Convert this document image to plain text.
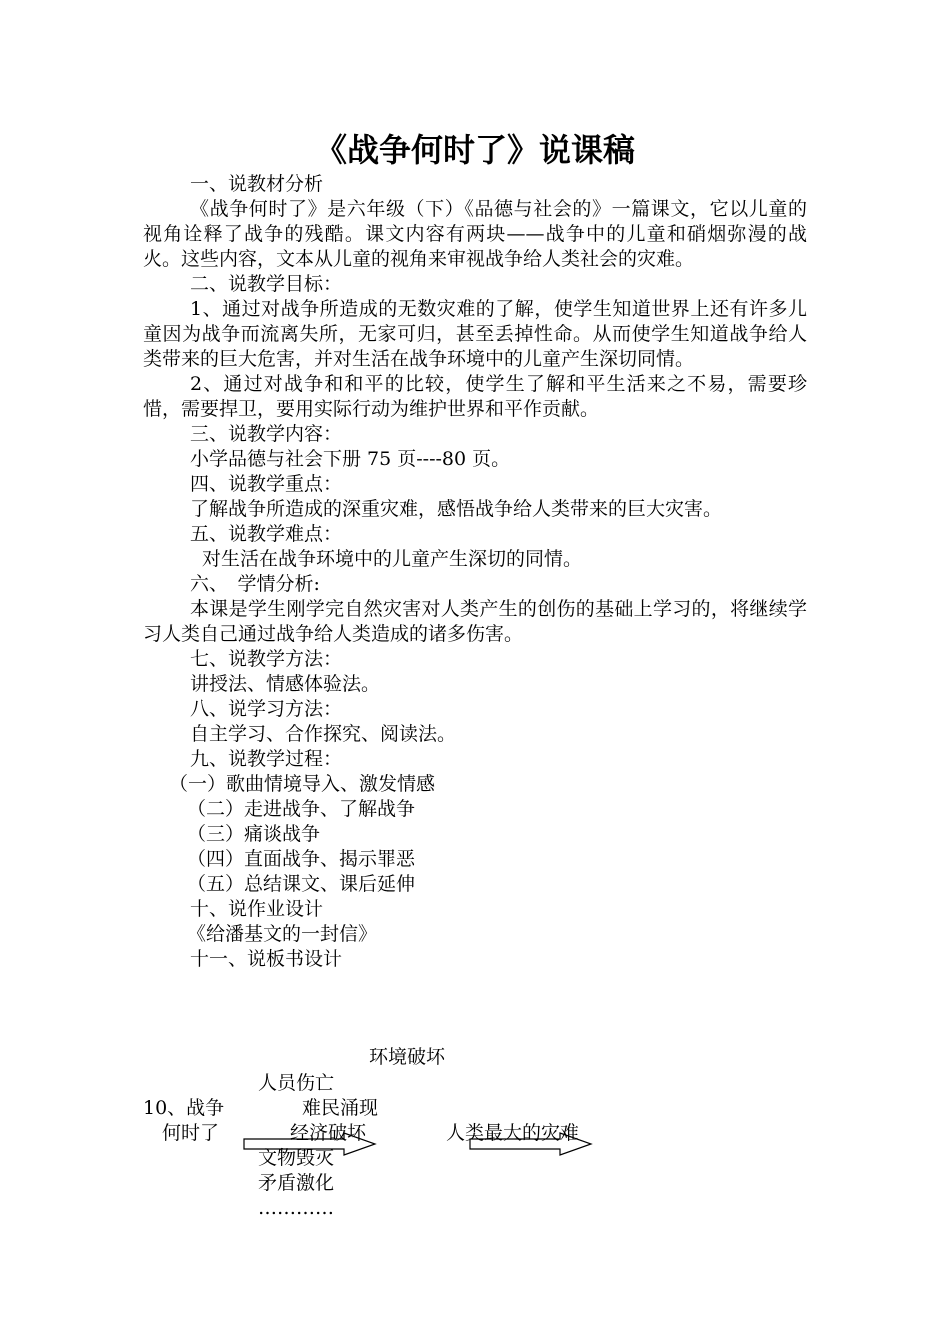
《战争何时了》说课稿

一、说教材分析

《战争何时了》是六年级（下）《品德与社会的》一篇课文，它以儿童的视角诠释了战争的残酷。课文内容有两块——战争中的儿童和硝烟弥漫的战火。这些内容，文本从儿童的视角来审视战争给人类社会的灾难。

二、说教学目标：

1、通过对战争所造成的无数灾难的了解，使学生知道世界上还有许多儿童因为战争而流离失所，无家可归，甚至丢掉性命。从而使学生知道战争给人类带来的巨大危害，并对生活在战争环境中的儿童产生深切同情。

2、通过对战争和和平的比较，使学生了解和平生活来之不易，需要珍惜，需要捍卫，要用实际行动为维护世界和平作贡献。

三、说教学内容：

小学品德与社会下册 75 页----80 页。

四、说教学重点：

了解战争所造成的深重灾难，感悟战争给人类带来的巨大灾害。

五、说教学难点：

对生活在战争环境中的儿童产生深切的同情。

六、　学情分析:

本课是学生刚学完自然灾害对人类产生的创伤的基础上学习的，将继续学习人类自己通过战争给人类造成的诸多伤害。

七、说教学方法：

讲授法、情感体验法。

八、说学习方法：

自主学习、合作探究、阅读法。

九、说教学过程：

（一）歌曲情境导入、激发情感

（二）走进战争、了解战争

（三）痛谈战争

（四）直面战争、揭示罪恶

（五）总结课文、课后延伸

十、说作业设计

《给潘基文的一封信》

十一、说板书设计

环境破坏
人员伤亡
10、战争	难民涌现
何时了	经济破坏	人类最大的灾难
文物毁灭
矛盾激化
…………
